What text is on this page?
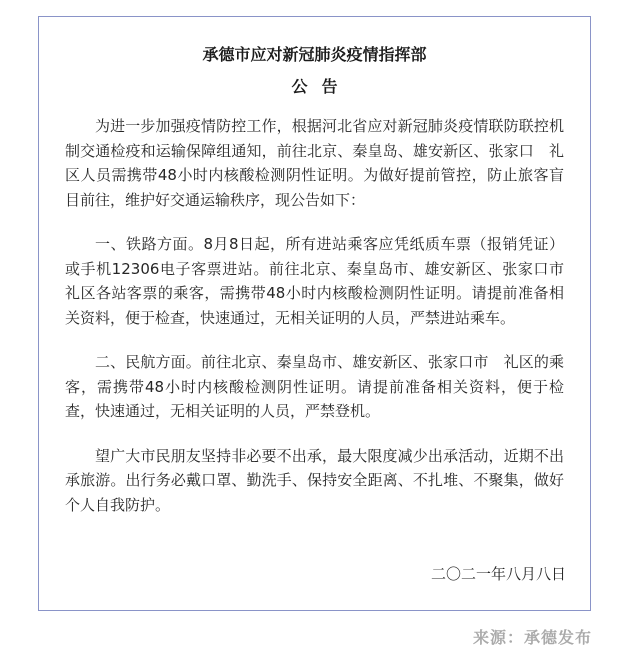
承德市应对新冠肺炎疫情指挥部
公告

为进一步加强疫情防控工作，根据河北省应对新冠肺炎疫情联防联控机制交通检疫和运输保障组通知，前往北京、秦皇岛、雄安新区、张家口　礼区人员需携带48小时内核酸检测阴性证明。为做好提前管控，防止旅客盲目前往，维护好交通运输秩序，现公告如下：

一、铁路方面。8月8日起，所有进站乘客应凭纸质车票（报销凭证）或手机12306电子客票进站。前往北京、秦皇岛市、雄安新区、张家口市　礼区各站客票的乘客，需携带48小时内核酸检测阴性证明。请提前准备相关资料，便于检查，快速通过，无相关证明的人员，严禁进站乘车。

二、民航方面。前往北京、秦皇岛市、雄安新区、张家口市　礼区的乘客，需携带48小时内核酸检测阴性证明。请提前准备相关资料，便于检查，快速通过，无相关证明的人员，严禁登机。

望广大市民朋友坚持非必要不出承，最大限度减少出承活动，近期不出承旅游。出行务必戴口罩、勤洗手、保持安全距离、不扎堆、不聚集，做好个人自我防护。

二〇二一年八月八日
来源：承德发布
